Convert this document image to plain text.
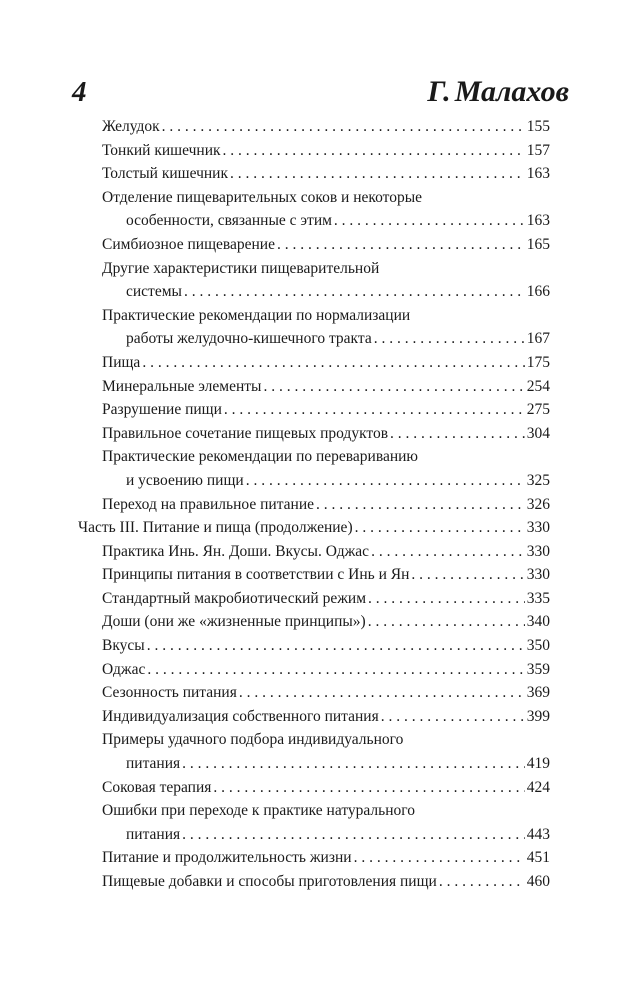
4	Г. Малахов
Желудок . . .	155
Тонкий кишечник . . .	157
Толстый кишечник . . .	163
Отделение пищеварительных соков и некоторые
особенности, связанные с этим . . .	163
Симбиозное пищеварение . . .	165
Другие характеристики пищеварительной
системы . . .	166
Практические рекомендации по нормализации
работы желудочно-кишечного тракта . . .	167
Пища . . .	175
Минеральные элементы . . .	254
Разрушение пищи . . .	275
Правильное сочетание пищевых продуктов . . .	304
Практические рекомендации по перевариванию
и усвоению пищи . . .	325
Переход на правильное питание . . .	326
Часть III. Питание и пища (продолжение) . . .	330
Практика Инь. Ян. Доши. Вкусы. Оджас . . .	330
Принципы питания в соответствии с Инь и Ян . . .	330
Стандартный макробиотический режим . . .	335
Доши (они же «жизненные принципы») . . .	340
Вкусы . . .	350
Оджас . . .	359
Сезонность питания . . .	369
Индивидуализация собственного питания . . .	399
Примеры удачного подбора индивидуального
питания . . .	419
Соковая терапия . . .	424
Ошибки при переходе к практике натурального
питания . . .	443
Питание и продолжительность жизни . . .	451
Пищевые добавки и способы приготовления пищи . . .	460
